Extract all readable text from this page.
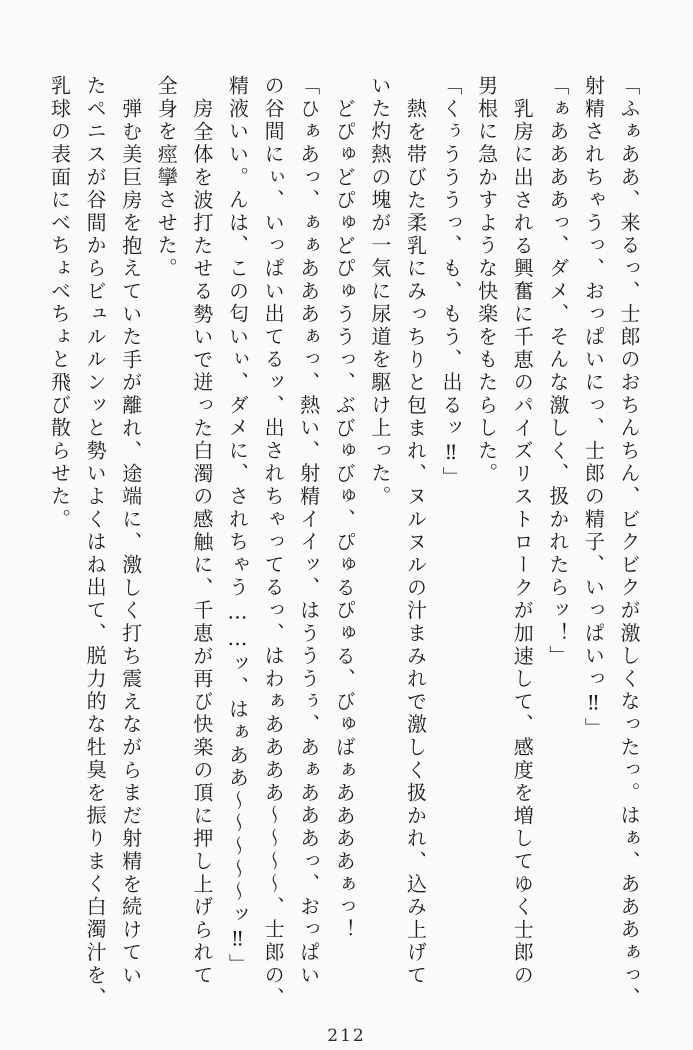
「ふぁああ、来るっ、士郎のおちんちん、ビクビクが激しくなったっ。はぁ、あああぁっ、

射精されちゃうっ、おっぱいにっ、士郎の精子、いっぱいっ‼」

「ぁああああっ、ダメ、そんな激しく、扱かれたらッ！」

乳房に出される興奮に千恵のパイズリストロークが加速して、感度を増してゆく士郎の

男根に急かすような快楽をもたらした。

「くぅうううっ、も、もう、出るッ‼」

熱を帯びた柔乳にみっちりと包まれ、ヌルヌルの汁まみれで激しく扱かれ、込み上げて

いた灼熱の塊が一気に尿道を駆け上った。

どぴゅどぴゅどぴゅううっ、ぶびゅびゅ、ぴゅるぴゅる、びゅばぁああああぁっ！

「ひぁあっ、ぁぁあああぁっ、熱い、射精イイッ、はうううぅ、あぁあああっ、おっぱい

の谷間にぃ、いっぱい出てるッ、出されちゃってるっ、はわぁああああ～～～～、士郎の、

精液いい。んは、この匂いぃ、ダメに、されちゃう……ッ、はぁああ～～～～～ッ‼」

房全体を波打たせる勢いで迸った白濁の感触に、千恵が再び快楽の頂に押し上げられて

全身を痙攣させた。

弾む美巨房を抱えていた手が離れ、途端に、激しく打ち震えながらまだ射精を続けてい

たペニスが谷間からビュルルンッと勢いよくはね出て、脱力的な牡臭を振りまく白濁汁を、

乳球の表面にべちょべちょと飛び散らせた。

212
